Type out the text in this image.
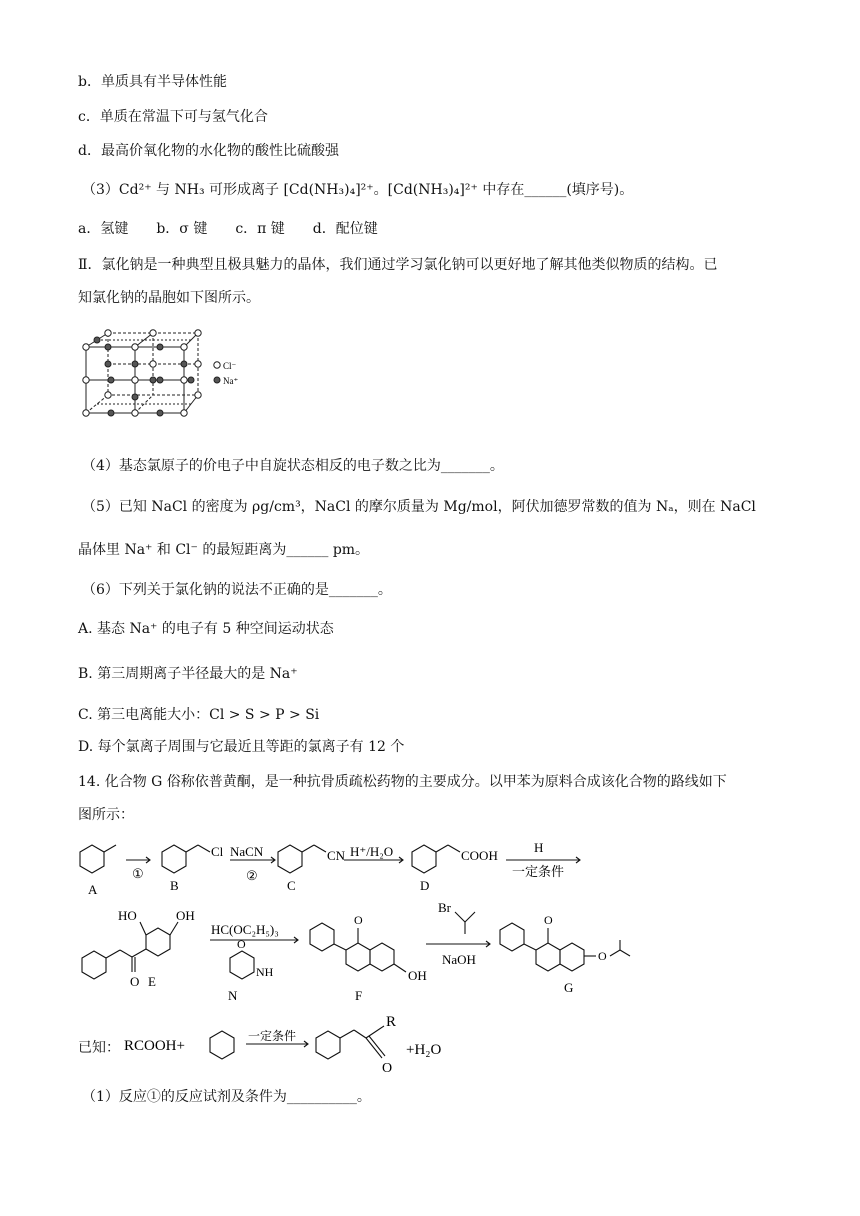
b．单质具有半导体性能
c．单质在常温下可与氢气化合
d．最高价氧化物的水化物的酸性比硫酸强
（3）Cd²⁺ 与 NH₃ 可形成离子 [Cd(NH₃)₄]²⁺。[Cd(NH₃)₄]²⁺ 中存在______(填序号)。
a．氢键　　b．σ 键　　c．π 键　　d．配位键
Ⅱ．氯化钠是一种典型且极具魅力的晶体，我们通过学习氯化钠可以更好地了解其他类似物质的结构。已
知氯化钠的晶胞如下图所示。
Cl⁻
Na⁺
（4）基态氯原子的价电子中自旋状态相反的电子数之比为_______。
（5）已知 NaCl 的密度为 ρg/cm³，NaCl 的摩尔质量为 Mg/mol，阿伏加德罗常数的值为 Nₐ，则在 NaCl
晶体里 Na⁺ 和 Cl⁻ 的最短距离为______ pm。
（6）下列关于氯化钠的说法不正确的是_______。
A. 基态 Na⁺ 的电子有 5 种空间运动状态
B. 第三周期离子半径最大的是 Na⁺
C. 第三电离能大小：Cl > S > P > Si
D. 每个氯离子周围与它最近且等距的氯离子有 12 个
14. 化合物 G 俗称依普黄酮，是一种抗骨质疏松药物的主要成分。以甲苯为原料合成该化合物的路线如下
图所示：
A
①
B
Cl NaCN
②
C
CN H⁺/H₂O
D
COOH
H
一定条件
HO	OH
O E
HC(OC₂H₅)₃
O
NH
N
O
OH
F
Br
NaOH
O
O
G
已知： RCOOH+
一定条件
R
O
+H₂O
（1）反应①的反应试剂及条件为__________。
